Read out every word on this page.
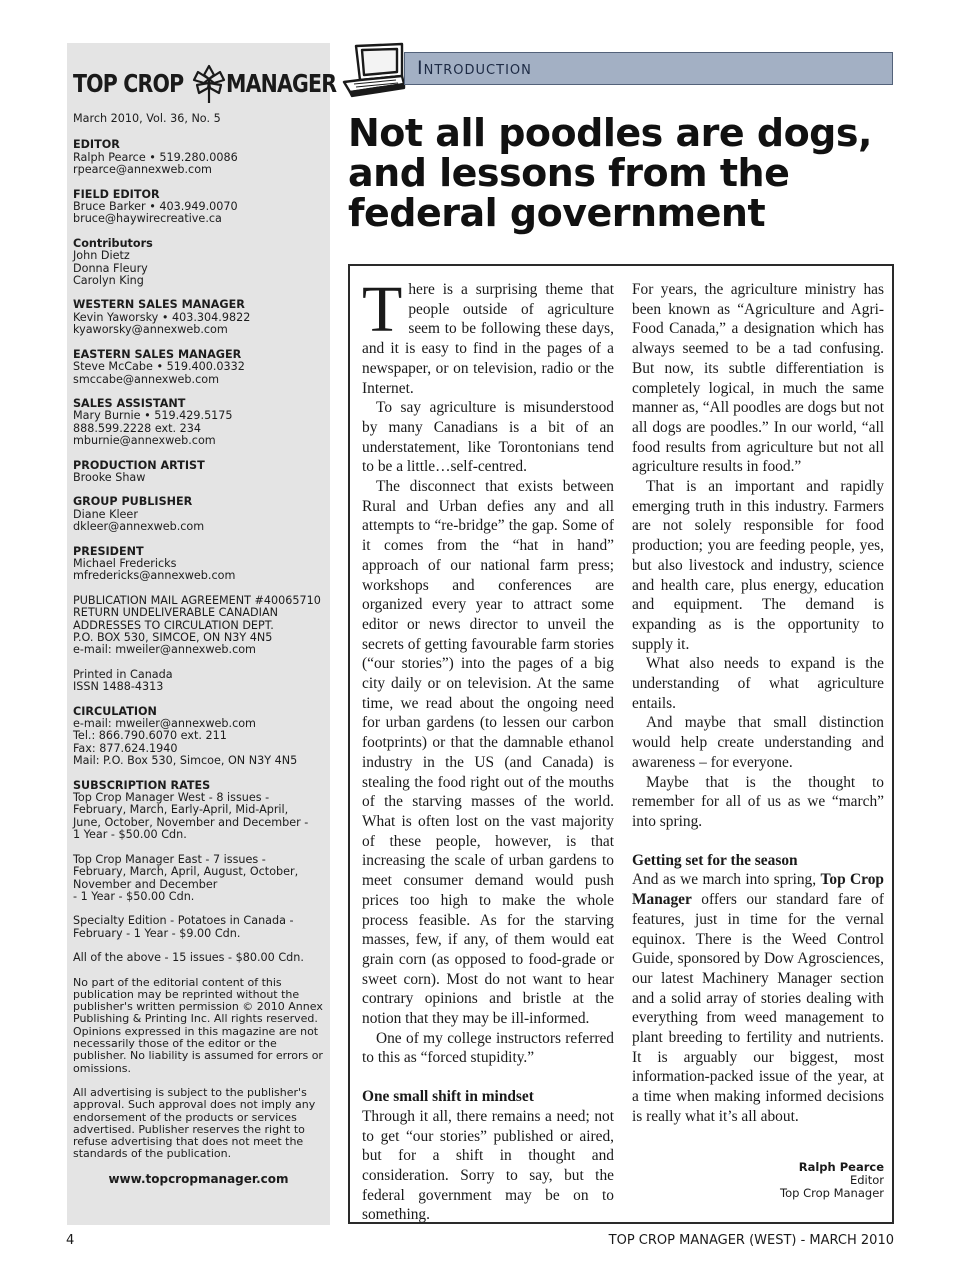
TOP CROP MANAGER
March 2010, Vol. 36, No. 5
EDITOR

Ralph Pearce • 519.280.0086
rpearce@annexweb.com

FIELD EDITOR

Bruce Barker • 403.949.0070
bruce@haywirecreative.ca

Contributors

John Dietz
Donna Fleury
Carolyn King

WESTERN SALES MANAGER

Kevin Yaworsky • 403.304.9822
kyaworsky@annexweb.com

EASTERN SALES MANAGER

Steve McCabe • 519.400.0332
smccabe@annexweb.com

SALES ASSISTANT

Mary Burnie • 519.429.5175
888.599.2228 ext. 234
mburnie@annexweb.com

PRODUCTION ARTIST

Brooke Shaw

GROUP PUBLISHER

Diane Kleer
dkleer@annexweb.com

PRESIDENT

Michael Fredericks
mfredericks@annexweb.com

PUBLICATION MAIL AGREEMENT #40065710
RETURN UNDELIVERABLE CANADIAN
ADDRESSES TO CIRCULATION DEPT.
P.O. BOX 530, SIMCOE, ON N3Y 4N5
e-mail: mweiler@annexweb.com

Printed in Canada
ISSN 1488-4313

CIRCULATION

e-mail: mweiler@annexweb.com
Tel.: 866.790.6070 ext. 211
Fax: 877.624.1940
Mail: P.O. Box 530, Simcoe, ON N3Y 4N5

SUBSCRIPTION RATES

Top Crop Manager West - 8 issues -
February, March, Early-April, Mid-April,
June, October, November and December -
1 Year - $50.00 Cdn.

Top Crop Manager East - 7 issues -
February, March, April, August, October,
November and December
- 1 Year - $50.00 Cdn.

Specialty Edition - Potatoes in Canada -
February - 1 Year - $9.00 Cdn.

All of the above - 15 issues - $80.00 Cdn.

No part of the editorial content of this publication may be reprinted without the publisher's written permission © 2010 Annex Publishing & Printing Inc. All rights reserved. Opinions expressed in this magazine are not necessarily those of the editor or the publisher. No liability is assumed for errors or omissions.

All advertising is subject to the publisher's approval. Such approval does not imply any endorsement of the products or services advertised. Publisher reserves the right to refuse advertising that does not meet the standards of the publication.

www.topcropmanager.com
Introduction
Not all poodles are dogs,
and lessons from the
federal government

There is a surprising theme that people outside of agriculture seem to be following these days, and it is easy to find in the pages of a newspaper, or on television, radio or the Internet.

To say agriculture is misunderstood by many Canadians is a bit of an understatement, like Torontonians tend to be a little…self-centred.

The disconnect that exists between Rural and Urban defies any and all attempts to “re-bridge” the gap. Some of it comes from the “hat in hand” approach of our national farm press; workshops and conferences are organized every year to attract some editor or news director to unveil the secrets of getting favourable farm stories (“our stories”) into the pages of a big city daily or on television. At the same time, we read about the ongoing need for urban gardens (to lessen our carbon footprints) or that the damnable ethanol industry in the US (and Canada) is stealing the food right out of the mouths of the starving masses of the world. What is often lost on the vast majority of these people, however, is that increasing the scale of urban gardens to meet consumer demand would push prices too high to make the whole process feasible. As for the starving masses, few, if any, of them would eat grain corn (as opposed to food-grade or sweet corn). Most do not want to hear contrary opinions and bristle at the notion that they may be ill-informed.

One of my college instructors referred to this as “forced stupidity.”

One small shift in mindset

Through it all, there remains a need; not to get “our stories” published or aired, but for a shift in thought and consideration. Sorry to say, but the federal government may be on to something.

For years, the agriculture ministry has been known as “Agriculture and Agri-Food Canada,” a designation which has always seemed to be a tad confusing. But now, its subtle differentiation is completely logical, in much the same manner as, “All poodles are dogs but not all dogs are poodles.” In our world, “all food results from agriculture but not all agriculture results in food.”

That is an important and rapidly emerging truth in this industry. Farmers are not solely responsible for food production; you are feeding people, yes, but also livestock and industry, science and health care, plus energy, education and equipment. The demand is expanding as is the opportunity to supply it.

What also needs to expand is the understanding of what agriculture entails.

And maybe that small distinction would help create understanding and awareness – for everyone.

Maybe that is the thought to remember for all of us as we “march” into spring.

Getting set for the season

And as we march into spring, Top Crop Manager offers our standard fare of features, just in time for the vernal equinox. There is the Weed Control Guide, sponsored by Dow Agrosciences, our latest Machinery Manager section and a solid array of stories dealing with everything from weed management to plant breeding to fertility and nutrients. It is arguably our biggest, most information-packed issue of the year, at a time when making informed decisions is really what it’s all about.

Ralph Pearce
Editor
Top Crop Manager
4	TOP CROP MANAGER (WEST) - MARCH 2010
